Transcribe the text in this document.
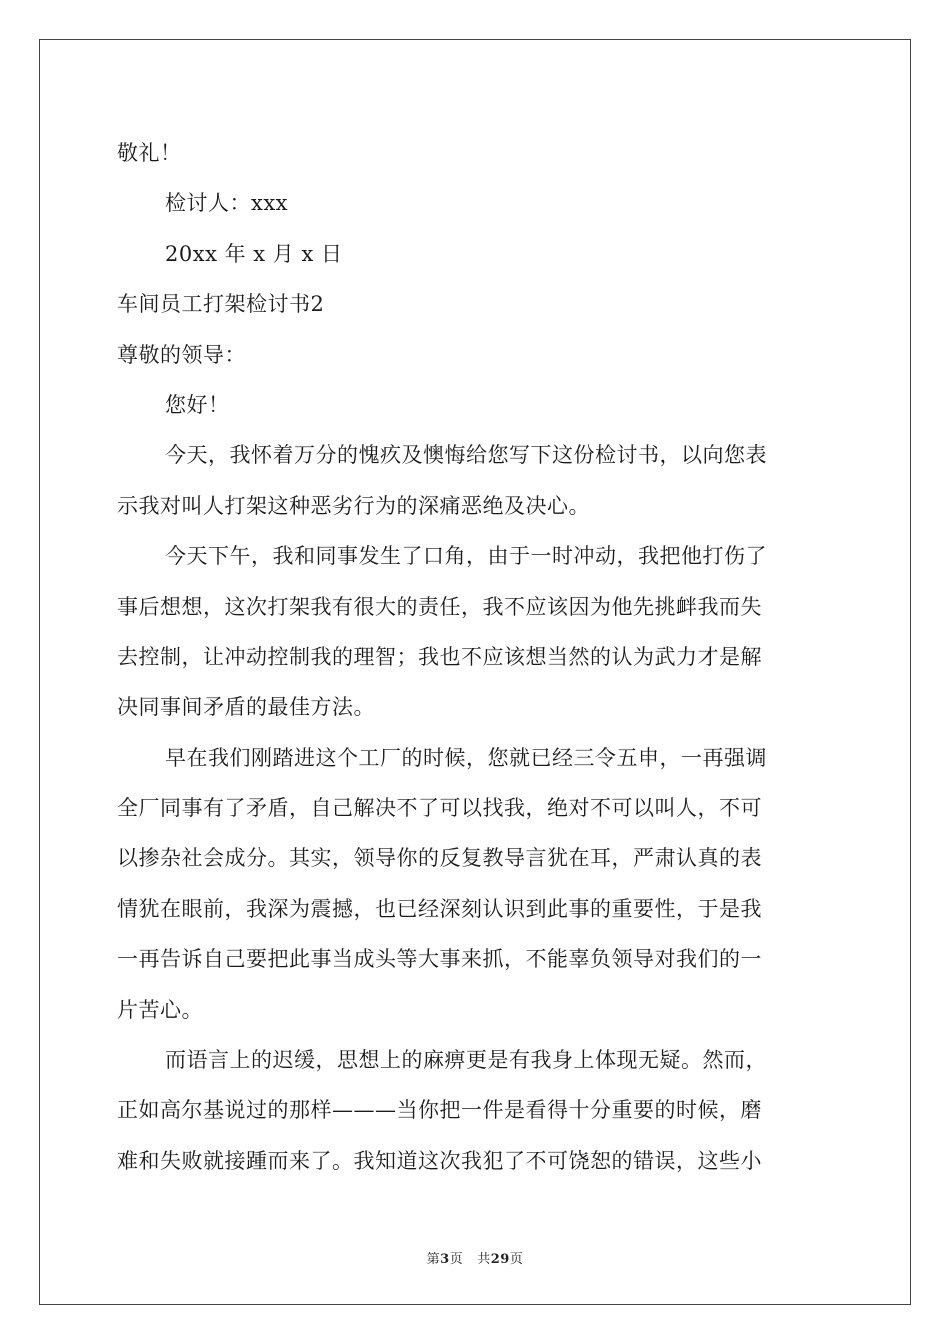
敬礼！
检讨人：xxx
20xx 年 x 月 x 日
车间员工打架检讨书2
尊敬的领导：
您好！
今天，我怀着万分的愧疚及懊悔给您写下这份检讨书，以向您表
示我对叫人打架这种恶劣行为的深痛恶绝及决心。
今天下午，我和同事发生了口角，由于一时冲动，我把他打伤了
事后想想，这次打架我有很大的责任，我不应该因为他先挑衅我而失
去控制，让冲动控制我的理智；我也不应该想当然的认为武力才是解
决同事间矛盾的最佳方法。
早在我们刚踏进这个工厂的时候，您就已经三令五申，一再强调
全厂同事有了矛盾，自己解决不了可以找我，绝对不可以叫人，不可
以掺杂社会成分。其实，领导你的反复教导言犹在耳，严肃认真的表
情犹在眼前，我深为震撼，也已经深刻认识到此事的重要性，于是我
一再告诉自己要把此事当成头等大事来抓，不能辜负领导对我们的一
片苦心。
而语言上的迟缓，思想上的麻痹更是有我身上体现无疑。然而，
正如高尔基说过的那样———当你把一件是看得十分重要的时候，磨
难和失败就接踵而来了。我知道这次我犯了不可饶恕的错误，这些小
第3页 共29页
